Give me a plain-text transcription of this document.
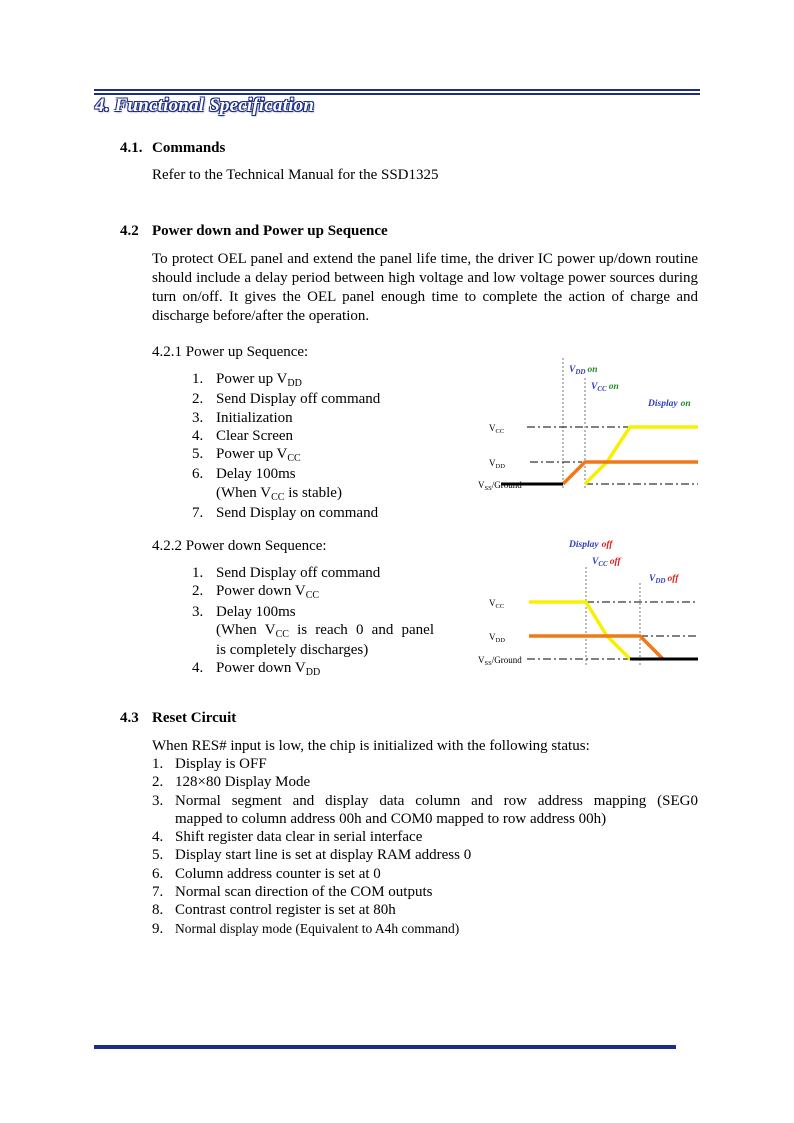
4. Functional Specification
4.1. Commands

Refer to the Technical Manual for the SSD1325

4.2 Power down and Power up Sequence

To protect OEL panel and extend the panel life time, the driver IC power up/down routine should include a delay period between high voltage and low voltage power sources during turn on/off. It gives the OEL panel enough time to complete the action of charge and discharge before/after the operation.

4.2.1 Power up Sequence:

1. Power up $V_{DD}$
2. Send Display off command
3. Initialization
4. Clear Screen
5. Power up $V_{CC}$
6. Delay 100ms
(When $V_{CC}$ is stable)
7. Send Display on command
$V_{DD}$ on
$V_{CC}$ on
Display on
$V_{CC}$
$V_{DD}$
$V_{SS}$/Ground

4.2.2 Power down Sequence:

1. Send Display off command
2. Power down $V_{CC}$
3. Delay 100ms

(When $V_{CC}$ is reach 0 and panel
is completely discharges)
4. Power down $V_{DD}$
Display off
$V_{CC}$ off
$V_{DD}$ off
$V_{CC}$
$V_{DD}$
$V_{SS}$/Ground
4.3 Reset Circuit

When RES# input is low, the chip is initialized with the following status:

1. Display is OFF
2. 128×80 Display Mode
3. Normal segment and display data column and row address mapping (SEG0
mapped to column address 00h and COM0 mapped to row address 00h)
4. Shift register data clear in serial interface
5. Display start line is set at display RAM address 0
6. Column address counter is set at 0
7. Normal scan direction of the COM outputs
8. Contrast control register is set at 80h
9. Normal display mode (Equivalent to A4h command)
